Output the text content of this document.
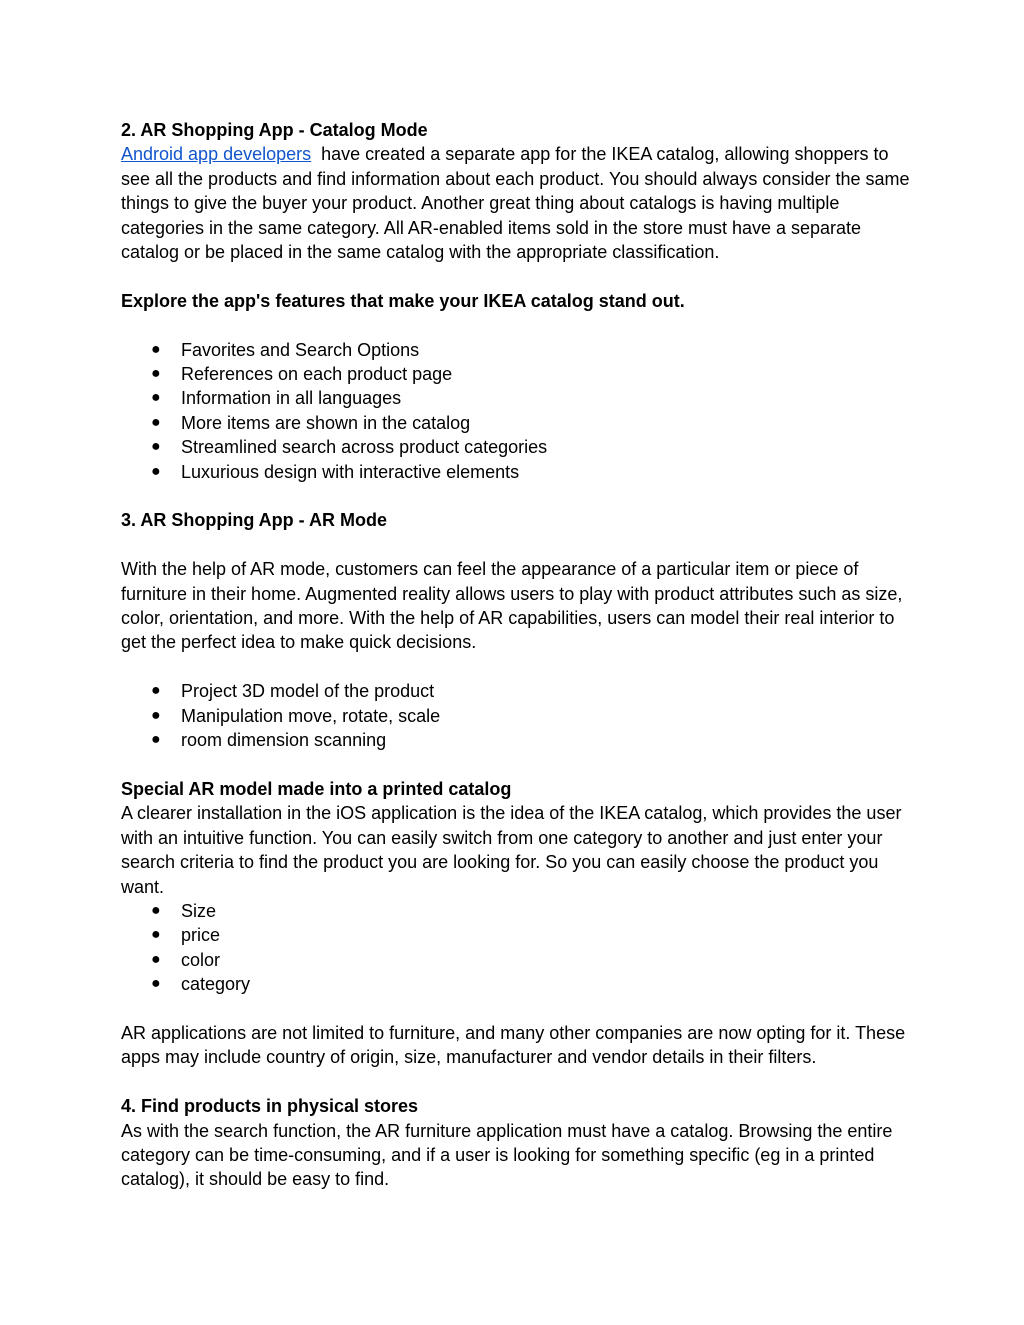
2. AR Shopping App - Catalog Mode

Android app developers  have created a separate app for the IKEA catalog, allowing shoppers to see all the products and find information about each product. You should always consider the same things to give the buyer your product. Another great thing about catalogs is having multiple categories in the same category. All AR-enabled items sold in the store must have a separate catalog or be placed in the same catalog with the appropriate classification.

Explore the app's features that make your IKEA catalog stand out.

● Favorites and Search Options
● References on each product page
● Information in all languages
● More items are shown in the catalog
● Streamlined search across product categories
● Luxurious design with interactive elements

3. AR Shopping App - AR Mode

With the help of AR mode, customers can feel the appearance of a particular item or piece of furniture in their home. Augmented reality allows users to play with product attributes such as size, color, orientation, and more. With the help of AR capabilities, users can model their real interior to get the perfect idea to make quick decisions.

● Project 3D model of the product
● Manipulation move, rotate, scale
● room dimension scanning

Special AR model made into a printed catalog

A clearer installation in the iOS application is the idea of the IKEA catalog, which provides the user with an intuitive function. You can easily switch from one category to another and just enter your search criteria to find the product you are looking for. So you can easily choose the product you want.

● Size
● price
● color
● category

AR applications are not limited to furniture, and many other companies are now opting for it. These apps may include country of origin, size, manufacturer and vendor details in their filters.

4. Find products in physical stores

As with the search function, the AR furniture application must have a catalog. Browsing the entire category can be time-consuming, and if a user is looking for something specific (eg in a printed catalog), it should be easy to find.
